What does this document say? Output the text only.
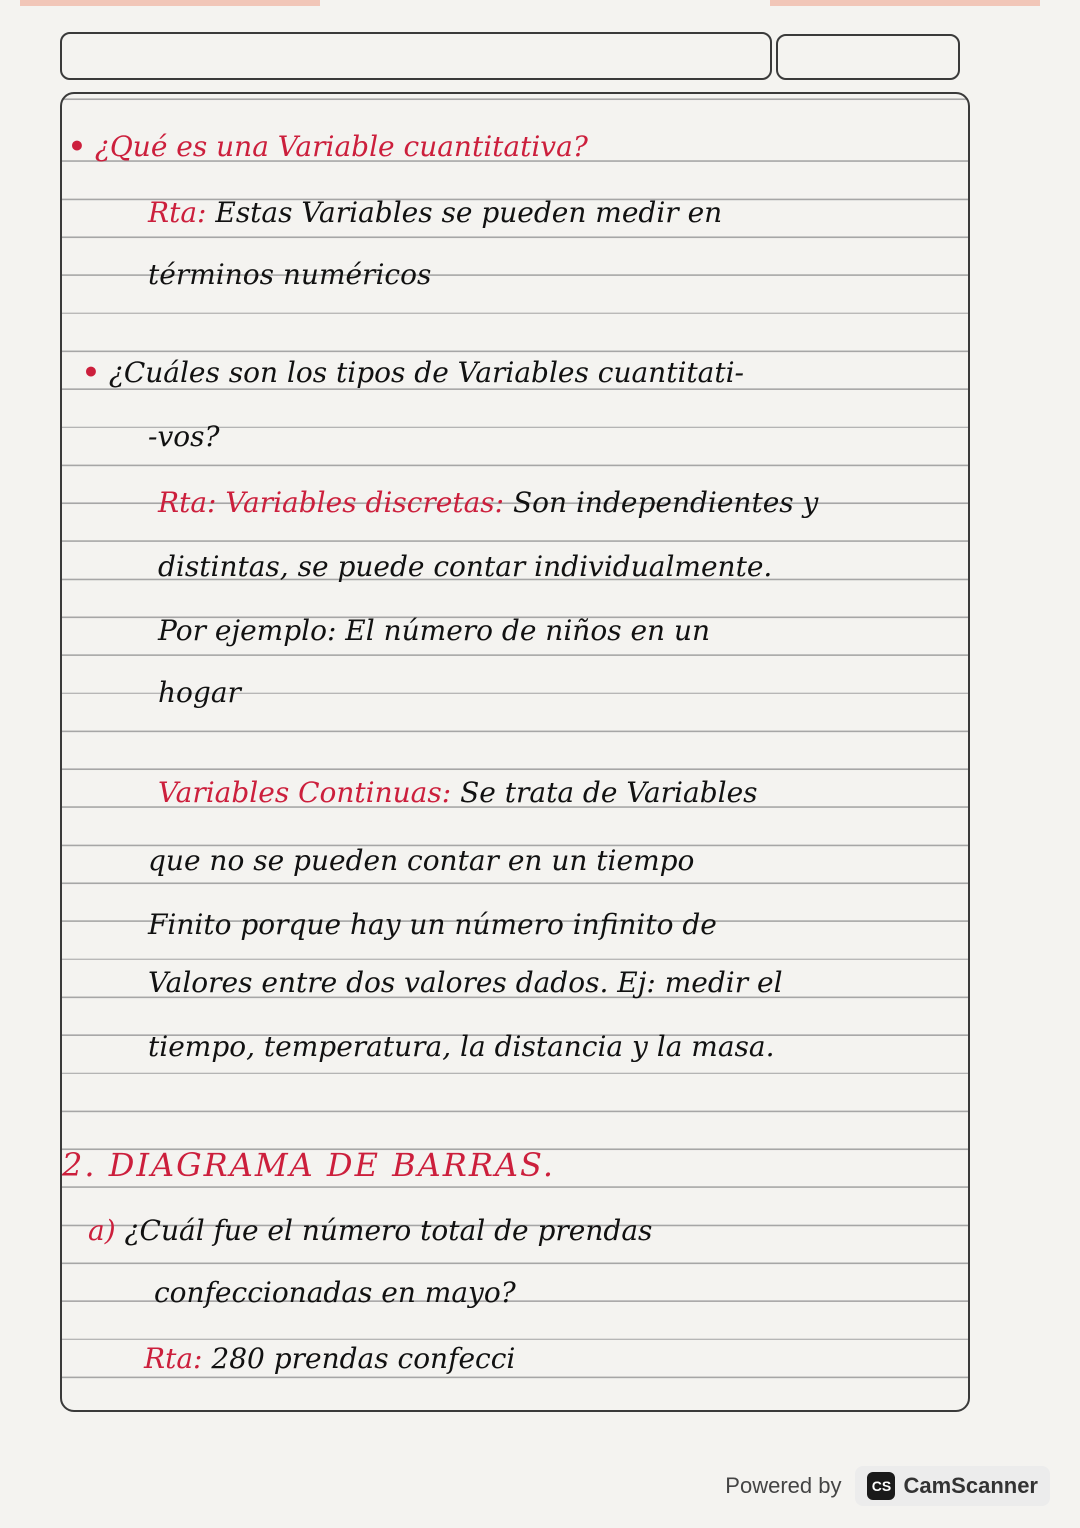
• ¿Qué es una Variable cuantitativa?

Rta: Estas Variables se pueden medir en

términos numéricos

• ¿Cuáles son los tipos de Variables cuantitati-

-vos?

Rta: Variables discretas: Son independientes y

distintas, se puede contar individualmente.

Por ejemplo: El número de niños en un

hogar

Variables Continuas: Se trata de Variables

que no se pueden contar en un tiempo

Finito porque hay un número infinito de

Valores entre dos valores dados. Ej: medir el

tiempo, temperatura, la distancia y la masa.

2. DIAGRAMA DE BARRAS.

a) ¿Cuál fue el número total de prendas

confeccionadas en mayo?

Rta: 280 prendas confecci

Powered by	CS CamScanner
